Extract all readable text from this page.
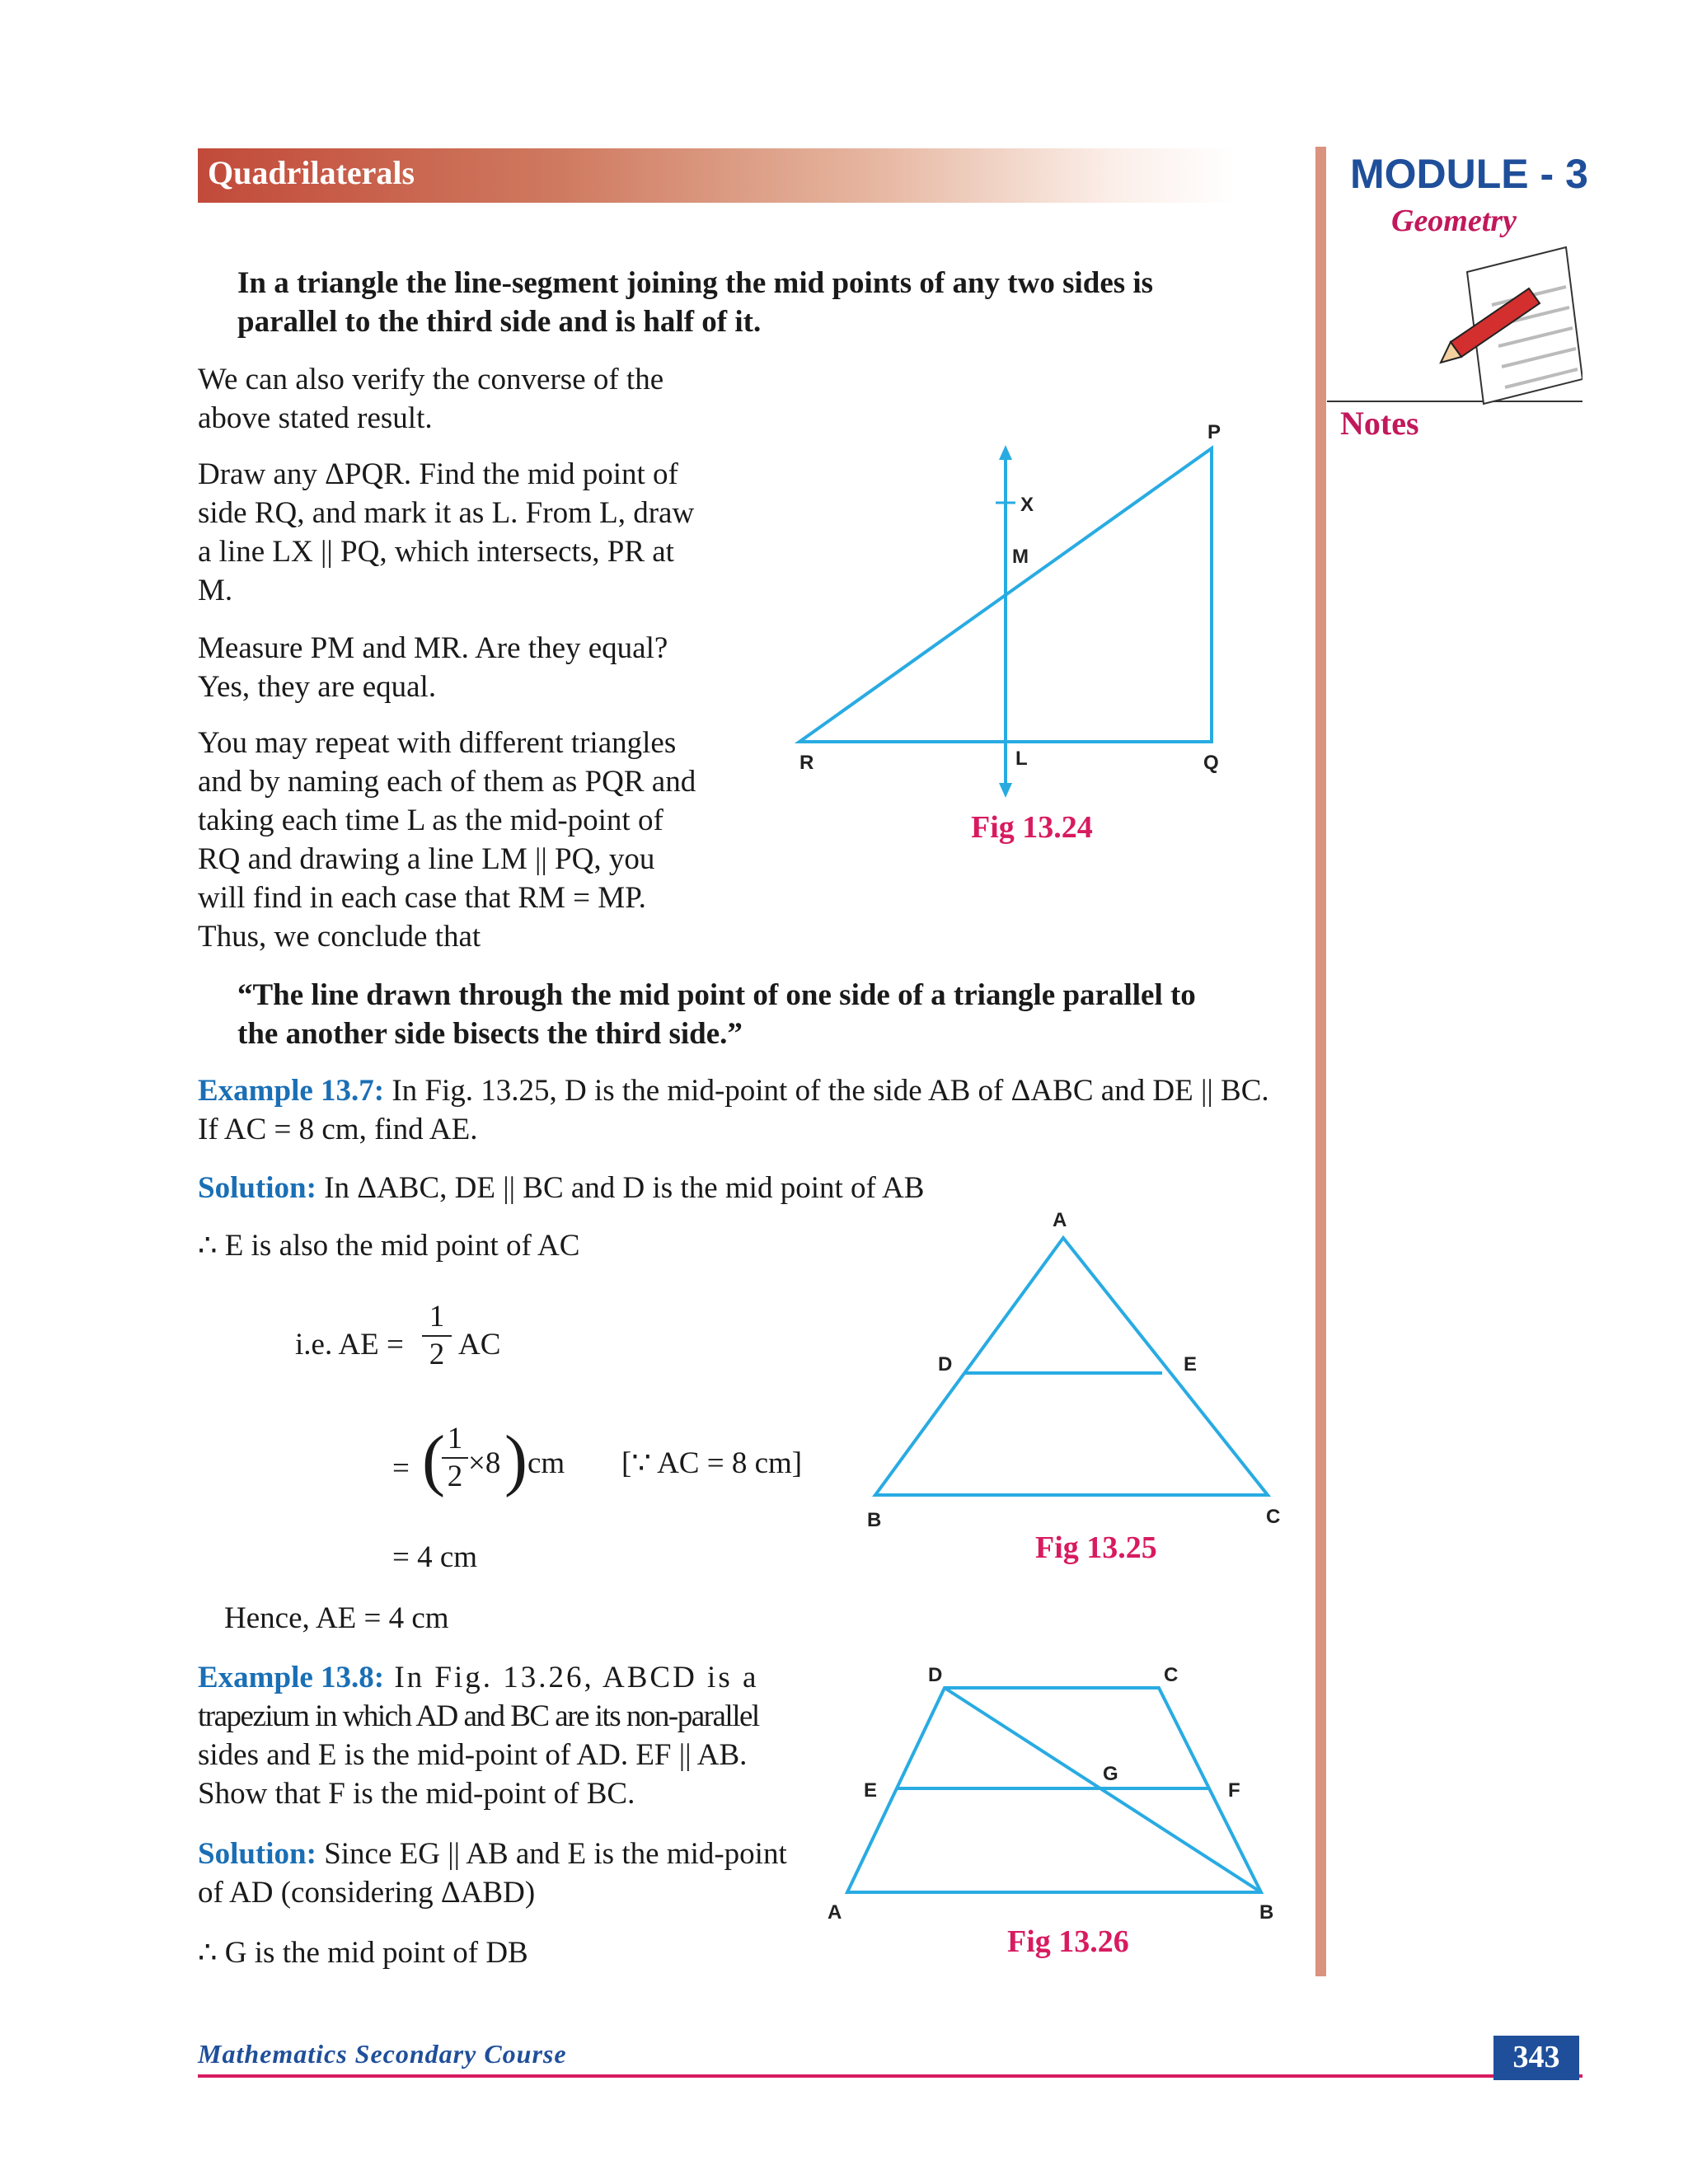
Quadrilaterals	MODULE - 3
Geometry
Notes
In a triangle the line-segment joining the mid points of any two sides is parallel to the third side and is half of it.
We can also verify the converse of the
above stated result.
Draw any ΔPQR. Find the mid point of
side RQ, and mark it as L. From L, draw
a line LX || PQ, which intersects, PR at
M.
Measure PM and MR. Are they equal?
Yes, they are equal.
You may repeat with different triangles
and by naming each of them as PQR and
taking each time L as the mid-point of
RQ and drawing a line LM || PQ, you
will find in each case that RM = MP.
Thus, we conclude that
P
X
M
R	L	Q
Fig 13.24
“The line drawn through the mid point of one side of a triangle parallel to
the another side bisects the third side.”
Example 13.7: In Fig. 13.25, D is the mid-point of the side AB of ΔABC and DE || BC.
If AC = 8 cm, find AE.
Solution: In ΔABC, DE || BC and D is the mid point of AB
∴ E is also the mid point of AC
i.e. AE =
1
2 AC
= ( 1
2 ×8 ) cm [∵ AC = 8 cm]
= 4 cm
Hence, AE = 4 cm
A
D	E
B	C
Fig 13.25
Example 13.8: In Fig. 13.26, ABCD is a
trapezium in which AD and BC are its non-parallel
sides and E is the mid-point of AD. EF || AB.
Show that F is the mid-point of BC.
Solution: Since EG || AB and E is the mid-point
of AD (considering ΔABD)
∴ G is the mid point of DB
D	C
G
E	F
A	B
Fig 13.26
Mathematics Secondary Course	343
